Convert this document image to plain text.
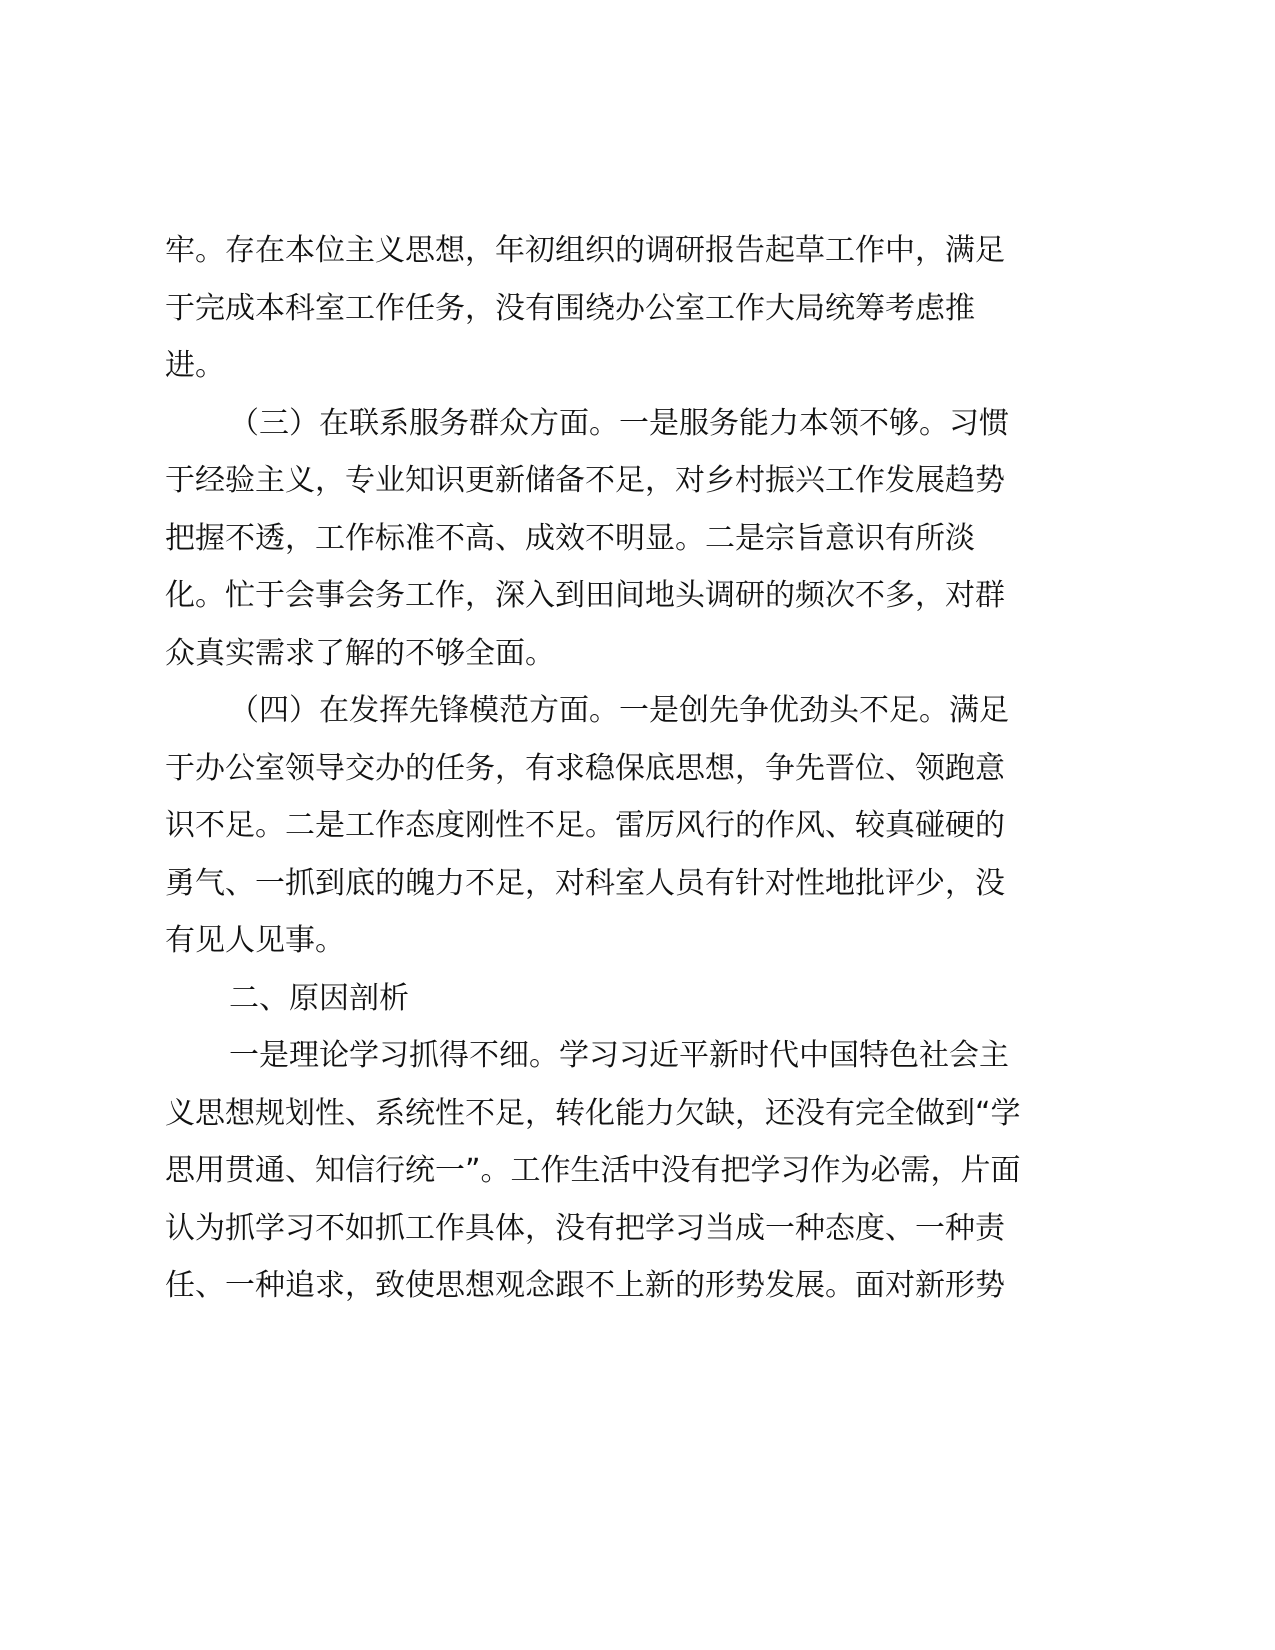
牢。存在本位主义思想，年初组织的调研报告起草工作中，满足
于完成本科室工作任务，没有围绕办公室工作大局统筹考虑推
进。
（三）在联系服务群众方面。一是服务能力本领不够。习惯
于经验主义，专业知识更新储备不足，对乡村振兴工作发展趋势
把握不透，工作标准不高、成效不明显。二是宗旨意识有所淡
化。忙于会事会务工作，深入到田间地头调研的频次不多，对群
众真实需求了解的不够全面。
（四）在发挥先锋模范方面。一是创先争优劲头不足。满足
于办公室领导交办的任务，有求稳保底思想，争先晋位、领跑意
识不足。二是工作态度刚性不足。雷厉风行的作风、较真碰硬的
勇气、一抓到底的魄力不足，对科室人员有针对性地批评少，没
有见人见事。
二、原因剖析
一是理论学习抓得不细。学习习近平新时代中国特色社会主
义思想规划性、系统性不足，转化能力欠缺，还没有完全做到“学
思用贯通、知信行统一”。工作生活中没有把学习作为必需，片面
认为抓学习不如抓工作具体，没有把学习当成一种态度、一种责
任、一种追求，致使思想观念跟不上新的形势发展。面对新形势
